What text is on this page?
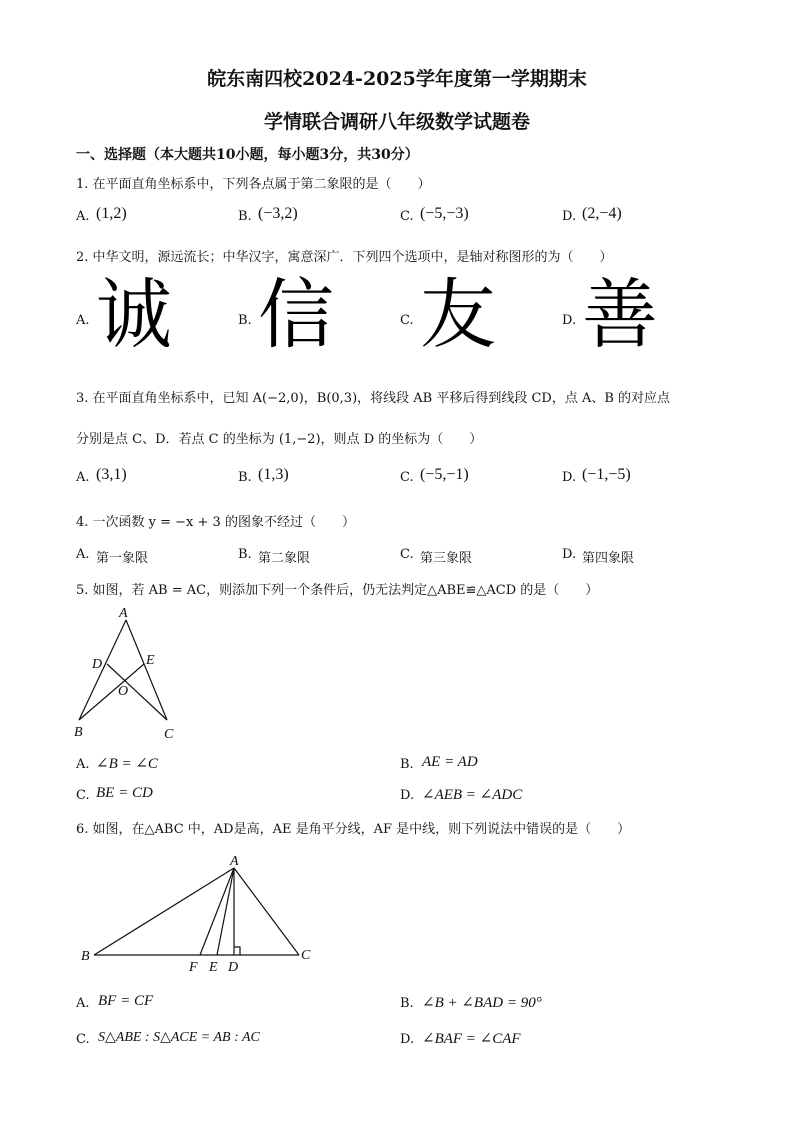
皖东南四校2024-2025学年度第一学期期末
学情联合调研八年级数学试题卷
一、选择题（本大题共10小题，每小题3分，共30分）
1. 在平面直角坐标系中，下列各点属于第二象限的是（　　）
A. (1,2)	B. (−3,2)	C. (−5,−3)	D. (2,−4)
2. 中华文明，源远流长；中华汉字，寓意深广．下列四个选项中，是轴对称图形的为（　　）
A. 诚	B. 信	C. 友	D. 善
3. 在平面直角坐标系中，已知 A(−2,0)，B(0,3)，将线段 AB 平移后得到线段 CD，点 A、B 的对应点
分别是点 C、D．若点 C 的坐标为 (1,−2)，则点 D 的坐标为（　　）
A. (3,1)	B. (1,3)	C. (−5,−1)	D. (−1,−5)
4. 一次函数 y = −x + 3 的图象不经过（　　）
A. 第一象限	B. 第二象限	C. 第三象限	D. 第四象限
5. 如图，若 AB = AC，则添加下列一个条件后，仍无法判定△ABE≌△ACD 的是（　　）
A
D	E
O
B	C
A. ∠B = ∠C	B. AE = AD
C. BE = CD	D. ∠AEB = ∠ADC
6. 如图，在△ABC 中，AD是高，AE 是角平分线，AF 是中线，则下列说法中错误的是（　　）
A
B	C
F E D
A. BF = CF	B. ∠B + ∠BAD = 90°
C. S△ABE : S△ACE = AB : AC	D. ∠BAF = ∠CAF
